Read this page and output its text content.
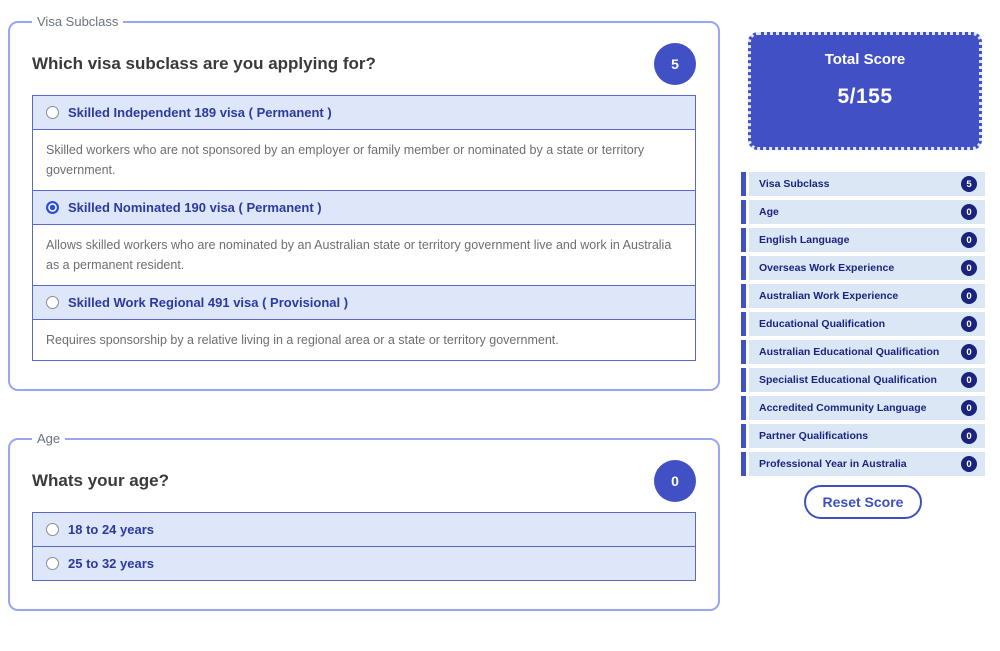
Visa Subclass
Which visa subclass are you applying for?	5
Skilled Independent 189 visa ( Permanent )
Skilled workers who are not sponsored by an employer or family member or nominated by a state or territory government.
Skilled Nominated 190 visa ( Permanent )
Allows skilled workers who are nominated by an Australian state or territory government live and work in Australia as a permanent resident.
Skilled Work Regional 491 visa ( Provisional )
Requires sponsorship by a relative living in a regional area or a state or territory government.
Age
Whats your age?	0
18 to 24 years
25 to 32 years
Total Score
5/155
Visa Subclass	5
Age	0
English Language	0
Overseas Work Experience	0
Australian Work Experience	0
Educational Qualification	0
Australian Educational Qualification	0
Specialist Educational Qualification	0
Accredited Community Language	0
Partner Qualifications	0
Professional Year in Australia	0
Reset Score
